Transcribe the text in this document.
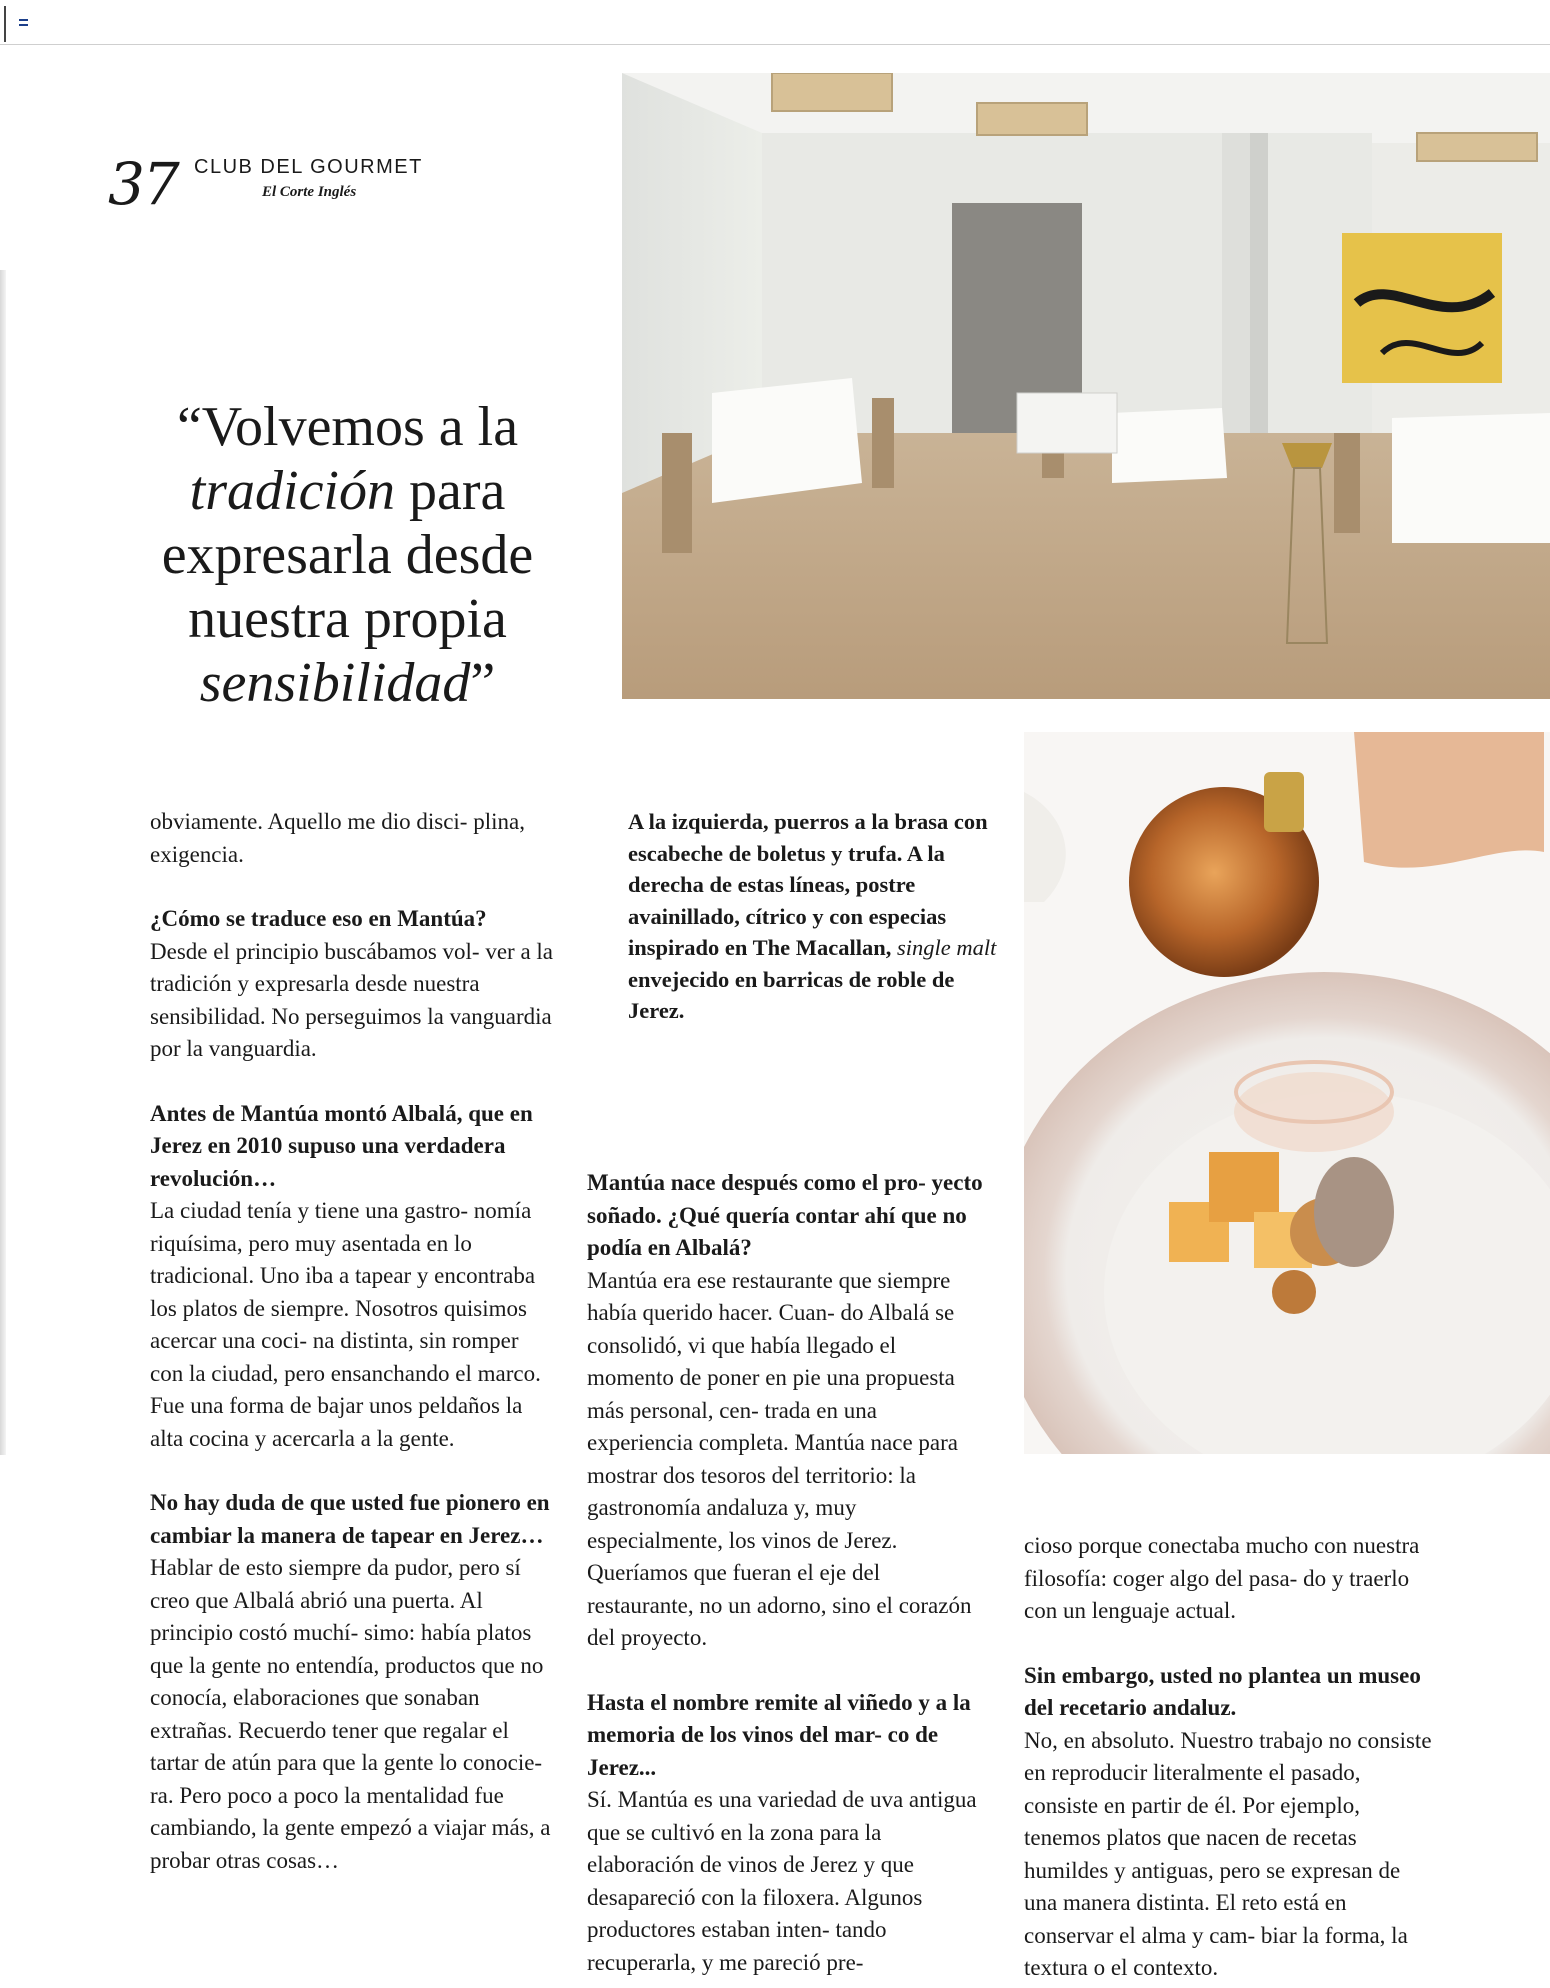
37 CLUB DEL GOURMET
El Corte Inglés
“Volvemos a la
tradición para
expresarla desde
nuestra propia
sensibilidad”

obviamente. Aquello me dio disci- plina, exigencia.

¿Cómo se traduce eso en Mantúa?

Desde el principio buscábamos vol- ver a la tradición y expresarla desde nuestra sensibilidad. No perseguimos la vanguardia por la vanguardia.

Antes de Mantúa montó Albalá, que en Jerez en 2010 supuso una verdadera revolución…

La ciudad tenía y tiene una gastro- nomía riquísima, pero muy asentada en lo tradicional. Uno iba a tapear y encontraba los platos de siempre. Nosotros quisimos acercar una coci- na distinta, sin romper con la ciudad, pero ensanchando el marco. Fue una forma de bajar unos peldaños la alta cocina y acercarla a la gente.

No hay duda de que usted fue pionero en cambiar la manera de tapear en Jerez…

Hablar de esto siempre da pudor, pero sí creo que Albalá abrió una puerta. Al principio costó muchí- simo: había platos que la gente no entendía, productos que no conocía, elaboraciones que sonaban extrañas. Recuerdo tener que regalar el tartar de atún para que la gente lo conocie- ra. Pero poco a poco la mentalidad fue cambiando, la gente empezó a viajar más, a probar otras cosas…

A la izquierda, puerros a la brasa con escabeche de boletus y trufa. A la derecha de estas líneas, postre avainillado, cítrico y con especias inspirado en The Macallan, single malt envejecido en barricas de roble de Jerez.

Mantúa nace después como el pro- yecto soñado. ¿Qué quería contar ahí que no podía en Albalá?

Mantúa era ese restaurante que siempre había querido hacer. Cuan- do Albalá se consolidó, vi que había llegado el momento de poner en pie una propuesta más personal, cen- trada en una experiencia completa. Mantúa nace para mostrar dos tesoros del territorio: la gastronomía andaluza y, muy especialmente, los vinos de Jerez. Queríamos que fueran el eje del restaurante, no un adorno, sino el corazón del proyecto.

Hasta el nombre remite al viñedo y a la memoria de los vinos del mar- co de Jerez...

Sí. Mantúa es una variedad de uva antigua que se cultivó en la zona para la elaboración de vinos de Jerez y que desapareció con la filoxera. Algunos productores estaban inten- tando recuperarla, y me pareció pre-

cioso porque conectaba mucho con nuestra filosofía: coger algo del pasa- do y traerlo con un lenguaje actual.

Sin embargo, usted no plantea un museo del recetario andaluz.

No, en absoluto. Nuestro trabajo no consiste en reproducir literalmente el pasado, consiste en partir de él. Por ejemplo, tenemos platos que nacen de recetas humildes y antiguas, pero se expresan de una manera distinta. El reto está en conservar el alma y cam- biar la forma, la textura o el contexto.
